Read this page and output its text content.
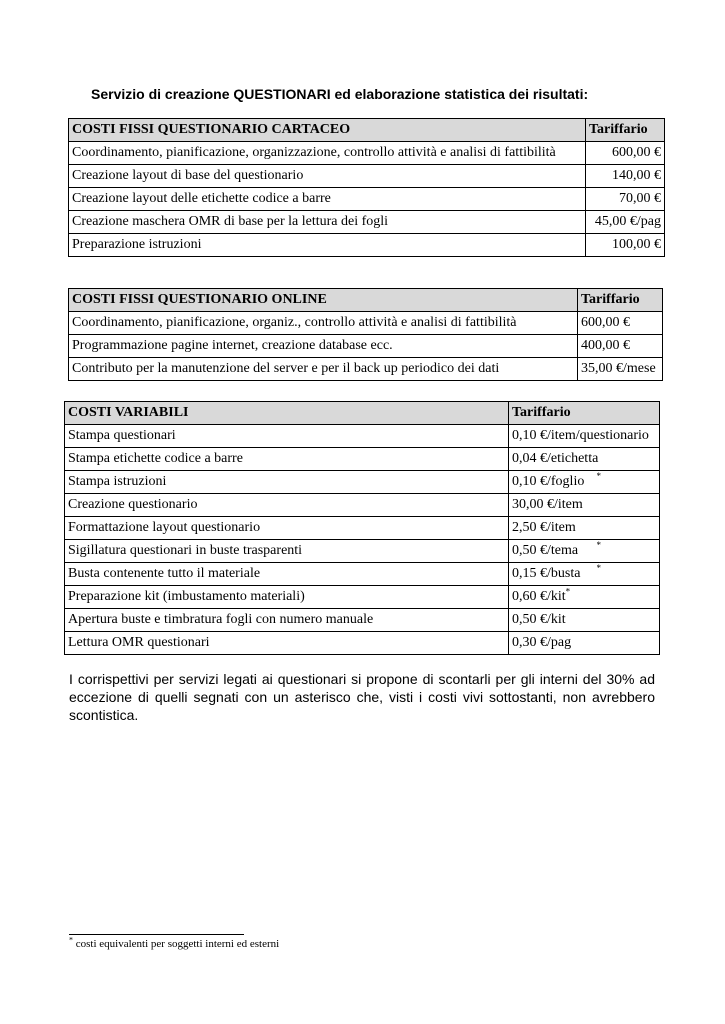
Servizio di creazione QUESTIONARI ed elaborazione statistica dei risultati:
COSTI FISSI QUESTIONARIO CARTACEO	Tariffario
Coordinamento, pianificazione, organizzazione, controllo attività e analisi di fattibilità	600,00 €
Creazione layout di base del questionario	140,00 €
Creazione layout delle etichette codice a barre	70,00 €
Creazione maschera OMR di base per la lettura dei fogli	45,00 €/pag
Preparazione istruzioni	100,00 €
COSTI FISSI QUESTIONARIO ONLINE	Tariffario
Coordinamento, pianificazione, organiz., controllo attività e analisi di fattibilità	600,00 €
Programmazione pagine internet, creazione database ecc.	400,00 €
Contributo per la manutenzione del server e per il back up periodico dei dati	35,00 €/mese
COSTI VARIABILI	Tariffario
Stampa questionari	0,10 €/item/questionario
Stampa etichette codice a barre	0,04 €/etichetta
Stampa istruzioni	0,10 €/foglio *

Creazione questionario	30,00 €/item
Formattazione layout questionario	2,50 €/item
Sigillatura questionari in buste trasparenti	0,50 €/tema *

Busta contenente tutto il materiale	0,15 €/busta *

Preparazione kit (imbustamento materiali)	0,60 €/kit*
Apertura buste e timbratura fogli con numero manuale	0,50 €/kit
Lettura OMR questionari	0,30 €/pag
I corrispettivi per servizi legati ai questionari si propone di scontarli per gli interni del 30% ad eccezione di quelli segnati con un asterisco che, visti i costi vivi sottostanti, non avrebbero scontistica.
* costi equivalenti per soggetti interni ed esterni
